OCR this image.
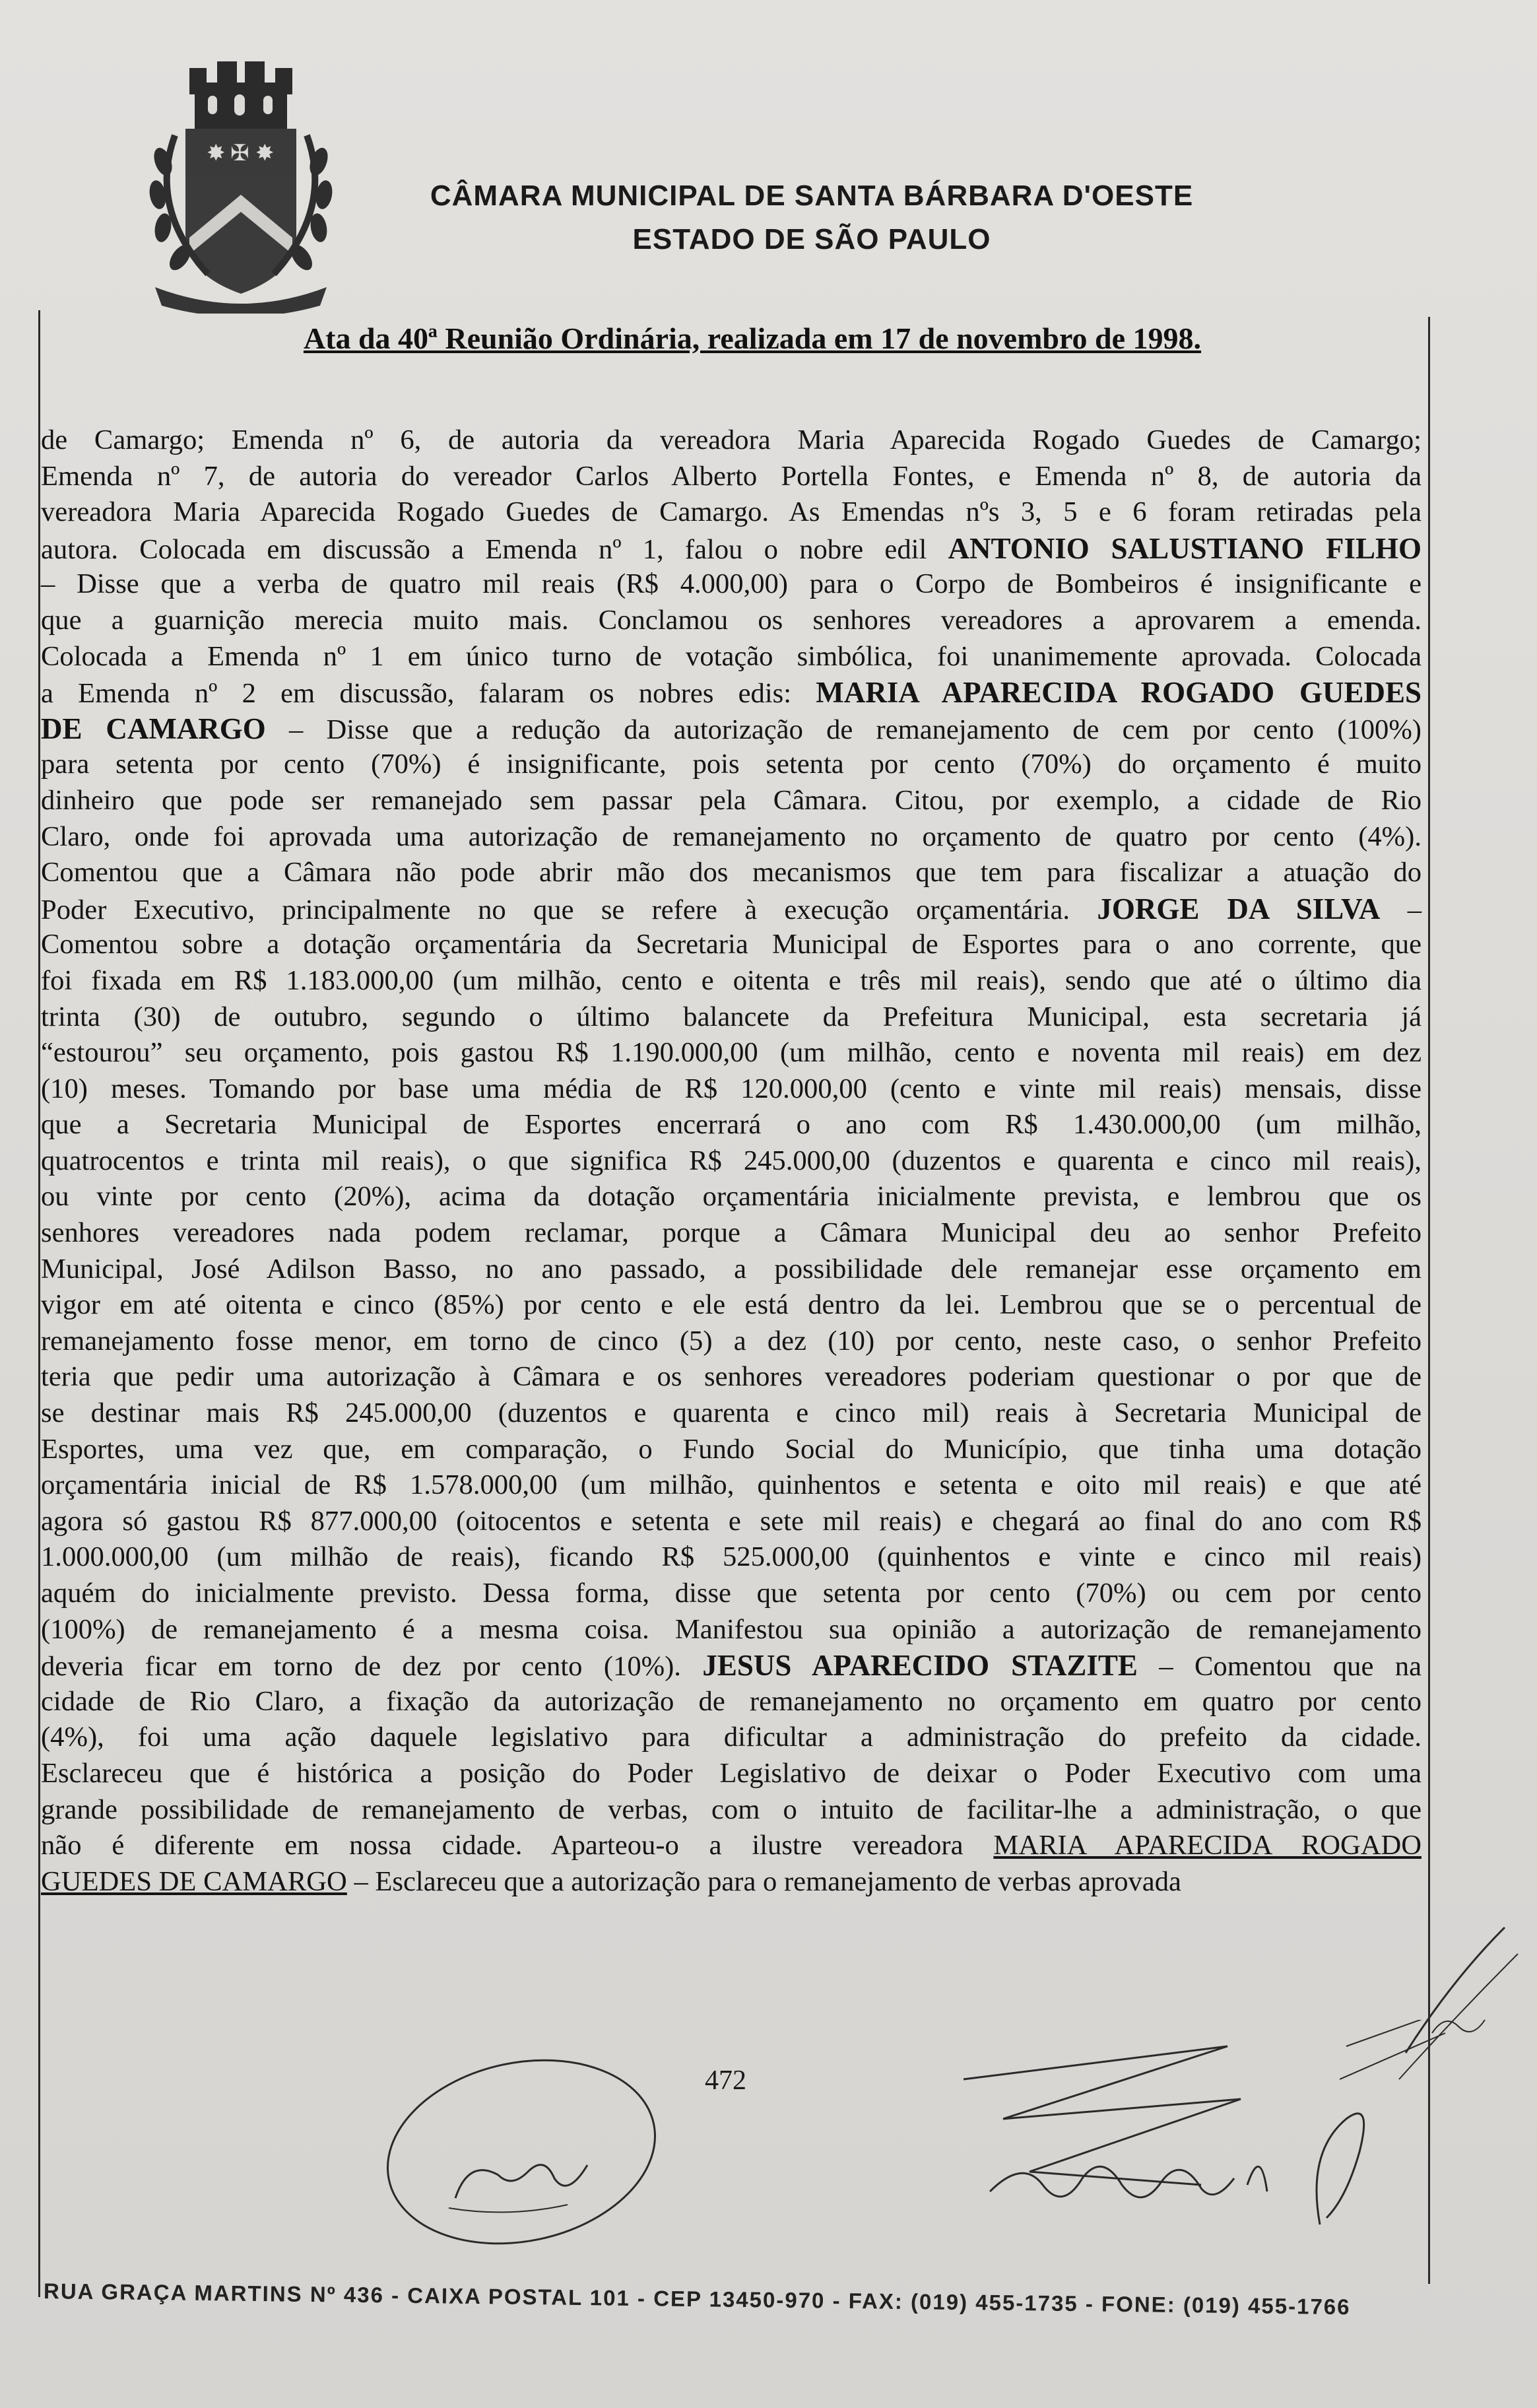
✸ ✠ ✸
CÂMARA MUNICIPAL DE SANTA BÁRBARA D'OESTE
ESTADO DE SÃO PAULO
Ata da 40ª Reunião Ordinária, realizada em 17 de novembro de 1998.
de Camargo; Emenda nº 6, de autoria da vereadora Maria Aparecida Rogado Guedes de Camargo;
Emenda nº 7, de autoria do vereador Carlos Alberto Portella Fontes, e Emenda nº 8, de autoria da
vereadora Maria Aparecida Rogado Guedes de Camargo. As Emendas nºs 3, 5 e 6 foram retiradas pela
autora. Colocada em discussão a Emenda nº 1, falou o nobre edil ANTONIO SALUSTIANO FILHO
– Disse que a verba de quatro mil reais (R$ 4.000,00) para o Corpo de Bombeiros é insignificante e
que a guarnição merecia muito mais. Conclamou os senhores vereadores a aprovarem a emenda.
Colocada a Emenda nº 1 em único turno de votação simbólica, foi unanimemente aprovada. Colocada
a Emenda nº 2 em discussão, falaram os nobres edis: MARIA APARECIDA ROGADO GUEDES
DE CAMARGO – Disse que a redução da autorização de remanejamento de cem por cento (100%)
para setenta por cento (70%) é insignificante, pois setenta por cento (70%) do orçamento é muito
dinheiro que pode ser remanejado sem passar pela Câmara. Citou, por exemplo, a cidade de Rio
Claro, onde foi aprovada uma autorização de remanejamento no orçamento de quatro por cento (4%).
Comentou que a Câmara não pode abrir mão dos mecanismos que tem para fiscalizar a atuação do
Poder Executivo, principalmente no que se refere à execução orçamentária. JORGE DA SILVA –
Comentou sobre a dotação orçamentária da Secretaria Municipal de Esportes para o ano corrente, que
foi fixada em R$ 1.183.000,00 (um milhão, cento e oitenta e três mil reais), sendo que até o último dia
trinta (30) de outubro, segundo o último balancete da Prefeitura Municipal, esta secretaria já
“estourou” seu orçamento, pois gastou R$ 1.190.000,00 (um milhão, cento e noventa mil reais) em dez
(10) meses. Tomando por base uma média de R$ 120.000,00 (cento e vinte mil reais) mensais, disse
que a Secretaria Municipal de Esportes encerrará o ano com R$ 1.430.000,00 (um milhão,
quatrocentos e trinta mil reais), o que significa R$ 245.000,00 (duzentos e quarenta e cinco mil reais),
ou vinte por cento (20%), acima da dotação orçamentária inicialmente prevista, e lembrou que os
senhores vereadores nada podem reclamar, porque a Câmara Municipal deu ao senhor Prefeito
Municipal, José Adilson Basso, no ano passado, a possibilidade dele remanejar esse orçamento em
vigor em até oitenta e cinco (85%) por cento e ele está dentro da lei. Lembrou que se o percentual de
remanejamento fosse menor, em torno de cinco (5) a dez (10) por cento, neste caso, o senhor Prefeito
teria que pedir uma autorização à Câmara e os senhores vereadores poderiam questionar o por que de
se destinar mais R$ 245.000,00 (duzentos e quarenta e cinco mil) reais à Secretaria Municipal de
Esportes, uma vez que, em comparação, o Fundo Social do Município, que tinha uma dotação
orçamentária inicial de R$ 1.578.000,00 (um milhão, quinhentos e setenta e oito mil reais) e que até
agora só gastou R$ 877.000,00 (oitocentos e setenta e sete mil reais) e chegará ao final do ano com R$
1.000.000,00 (um milhão de reais), ficando R$ 525.000,00 (quinhentos e vinte e cinco mil reais)
aquém do inicialmente previsto. Dessa forma, disse que setenta por cento (70%) ou cem por cento
(100%) de remanejamento é a mesma coisa. Manifestou sua opinião a autorização de remanejamento
deveria ficar em torno de dez por cento (10%). JESUS APARECIDO STAZITE – Comentou que na
cidade de Rio Claro, a fixação da autorização de remanejamento no orçamento em quatro por cento
(4%), foi uma ação daquele legislativo para dificultar a administração do prefeito da cidade.
Esclareceu que é histórica a posição do Poder Legislativo de deixar o Poder Executivo com uma
grande possibilidade de remanejamento de verbas, com o intuito de facilitar-lhe a administração, o que
não é diferente em nossa cidade. Aparteou-o a ilustre vereadora MARIA APARECIDA ROGADO
GUEDES DE CAMARGO – Esclareceu que a autorização para o remanejamento de verbas aprovada
472
RUA GRAÇA MARTINS Nº 436 - CAIXA POSTAL 101 - CEP 13450-970 - FAX: (019) 455-1735 - FONE: (019) 455-1766
